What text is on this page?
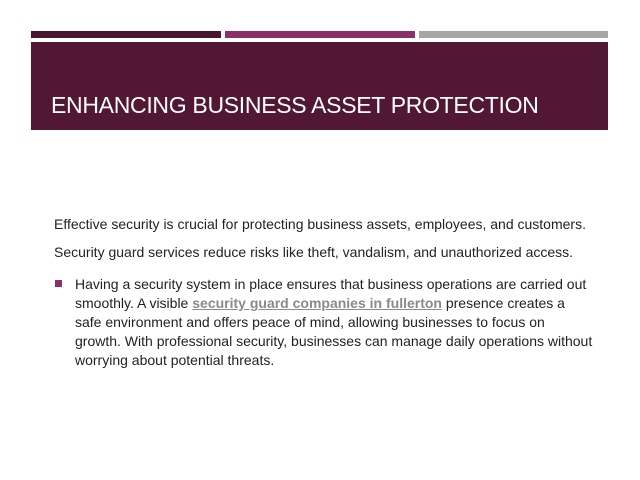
ENHANCING BUSINESS ASSET PROTECTION

Effective security is crucial for protecting business assets, employees, and customers.

Security guard services reduce risks like theft, vandalism, and unauthorized access.

Having a security system in place ensures that business operations are carried out smoothly. A visible security guard companies in fullerton presence creates a safe environment and offers peace of mind, allowing businesses to focus on growth. With professional security, businesses can manage daily operations without worrying about potential threats.
